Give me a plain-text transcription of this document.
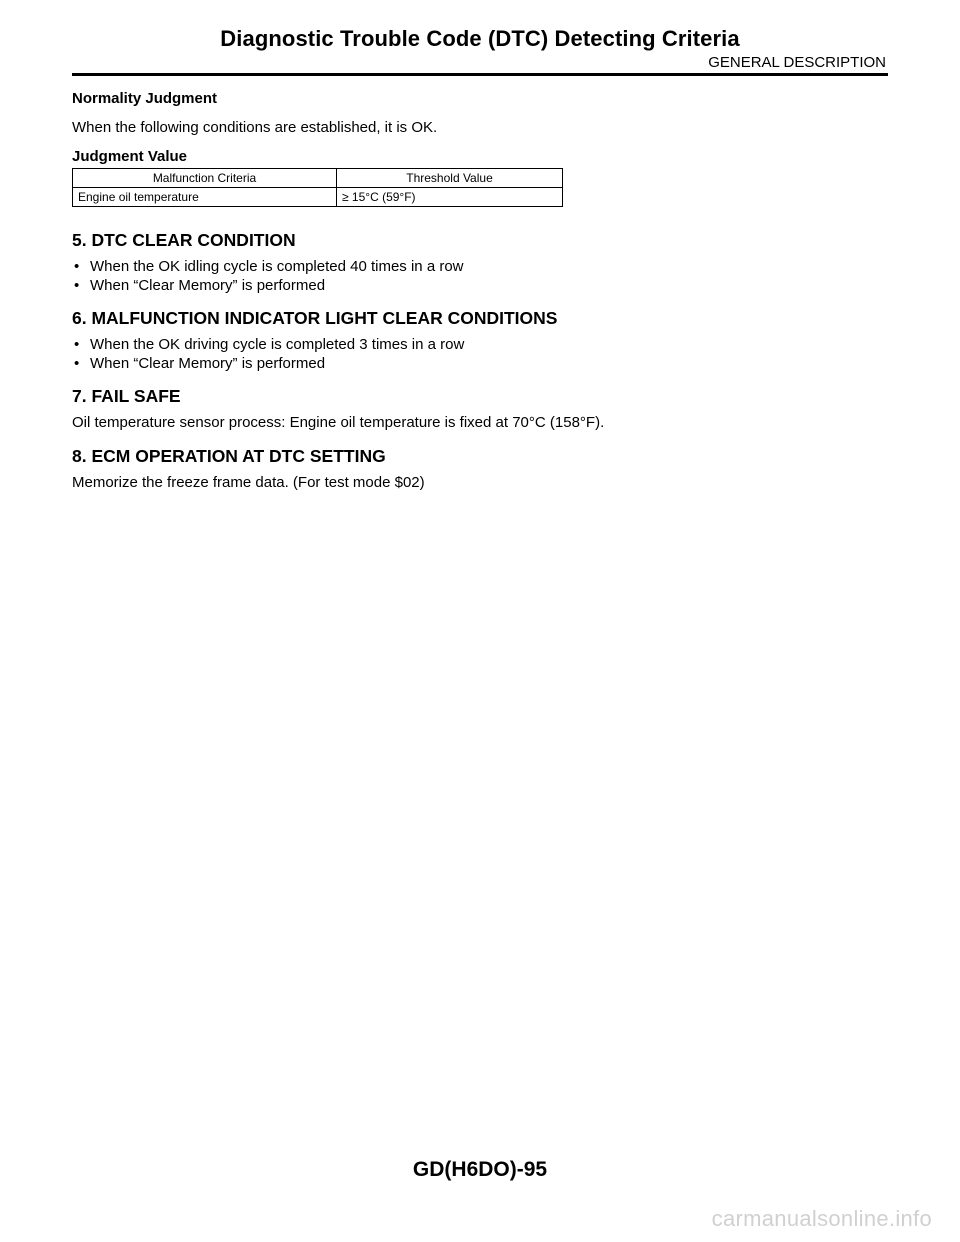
Diagnostic Trouble Code (DTC) Detecting Criteria
GENERAL DESCRIPTION

Normality Judgment

When the following conditions are established, it is OK.

Judgment Value

Malfunction Criteria	Threshold Value
Engine oil temperature	≥ 15°C (59°F)

5. DTC CLEAR CONDITION

• When the OK idling cycle is completed 40 times in a row
• When “Clear Memory” is performed

6. MALFUNCTION INDICATOR LIGHT CLEAR CONDITIONS

• When the OK driving cycle is completed 3 times in a row
• When “Clear Memory” is performed

7. FAIL SAFE

Oil temperature sensor process: Engine oil temperature is fixed at 70°C (158°F).

8. ECM OPERATION AT DTC SETTING

Memorize the freeze frame data. (For test mode $02)

GD(H6DO)-95
carmanualsonline.info
